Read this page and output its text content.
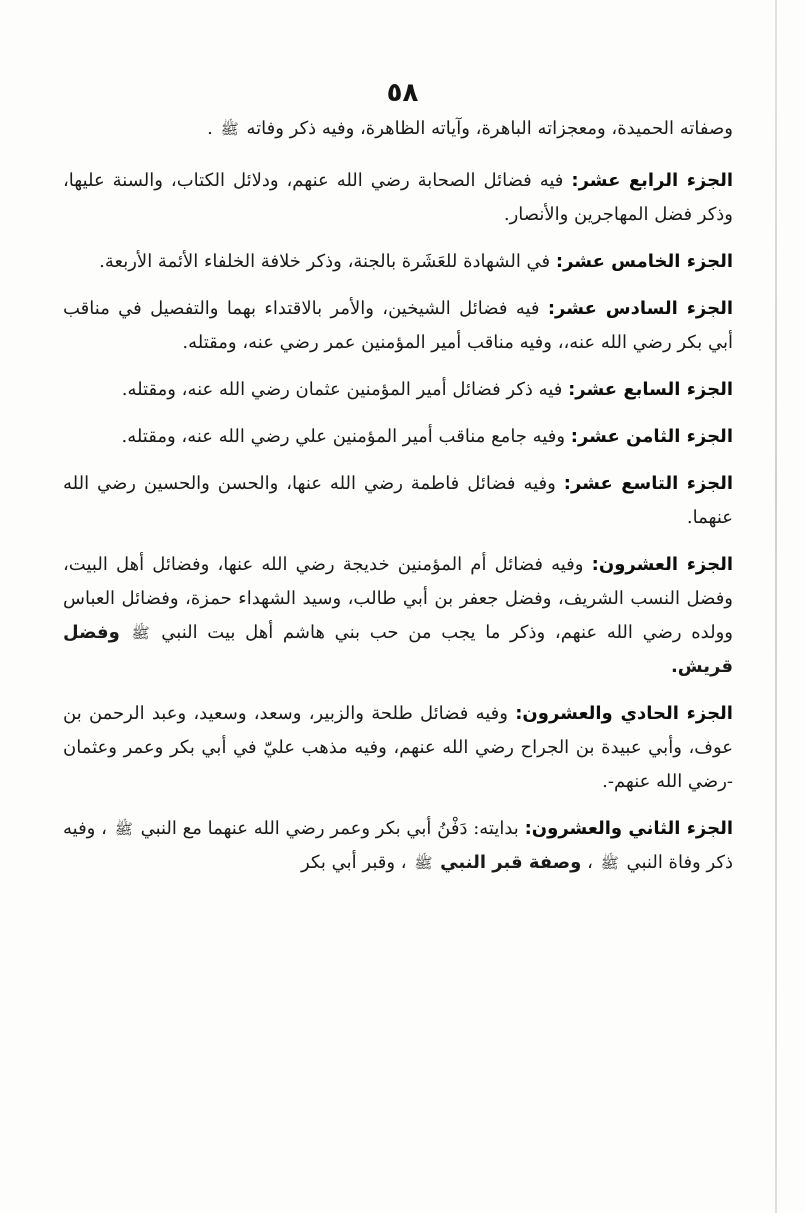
٥٨

وصفاته الحميدة، ومعجزاته الباهرة، وآياته الظاهرة، وفيه ذكر وفاته ﷺ .

الجزء الرابع عشر: فيه فضائل الصحابة رضي الله عنهم، ودلائل الكتاب، والسنة عليها، وذكر فضل المهاجرين والأنصار.

الجزء الخامس عشر: في الشهادة للعَشَرة بالجنة، وذكر خلافة الخلفاء الأئمة الأربعة.

الجزء السادس عشر: فيه فضائل الشيخين، والأمر بالاقتداء بهما والتفصيل في مناقب أبي بكر رضي الله عنه،، وفيه مناقب أمير المؤمنين عمر رضي عنه، ومقتله.

الجزء السابع عشر: فيه ذكر فضائل أمير المؤمنين عثمان رضي الله عنه، ومقتله.

الجزء الثامن عشر: وفيه جامع مناقب أمير المؤمنين علي رضي الله عنه، ومقتله.

الجزء التاسع عشر: وفيه فضائل فاطمة رضي الله عنها، والحسن والحسين رضي الله عنهما.

الجزء العشرون: وفيه فضائل أم المؤمنين خديجة رضي الله عنها، وفضائل أهل البيت، وفضل النسب الشريف، وفضل جعفر بن أبي طالب، وسيد الشهداء حمزة، وفضائل العباس وولده رضي الله عنهم، وذكر ما يجب من حب بني هاشم أهل بيت النبي ﷺ وفضل قريش.

الجزء الحادي والعشرون: وفيه فضائل طلحة والزبير، وسعد، وسعيد، وعبد الرحمن بن عوف، وأبي عبيدة بن الجراح رضي الله عنهم، وفيه مذهب عليّ في أبي بكر وعمر وعثمان -رضي الله عنهم-.

الجزء الثاني والعشرون: بدايته: دَفْنُ أبي بكر وعمر رضي الله عنهما مع النبي ﷺ ، وفيه ذكر وفاة النبي ﷺ ، وصفة قبر النبي ﷺ ، وقبر أبي بكر
